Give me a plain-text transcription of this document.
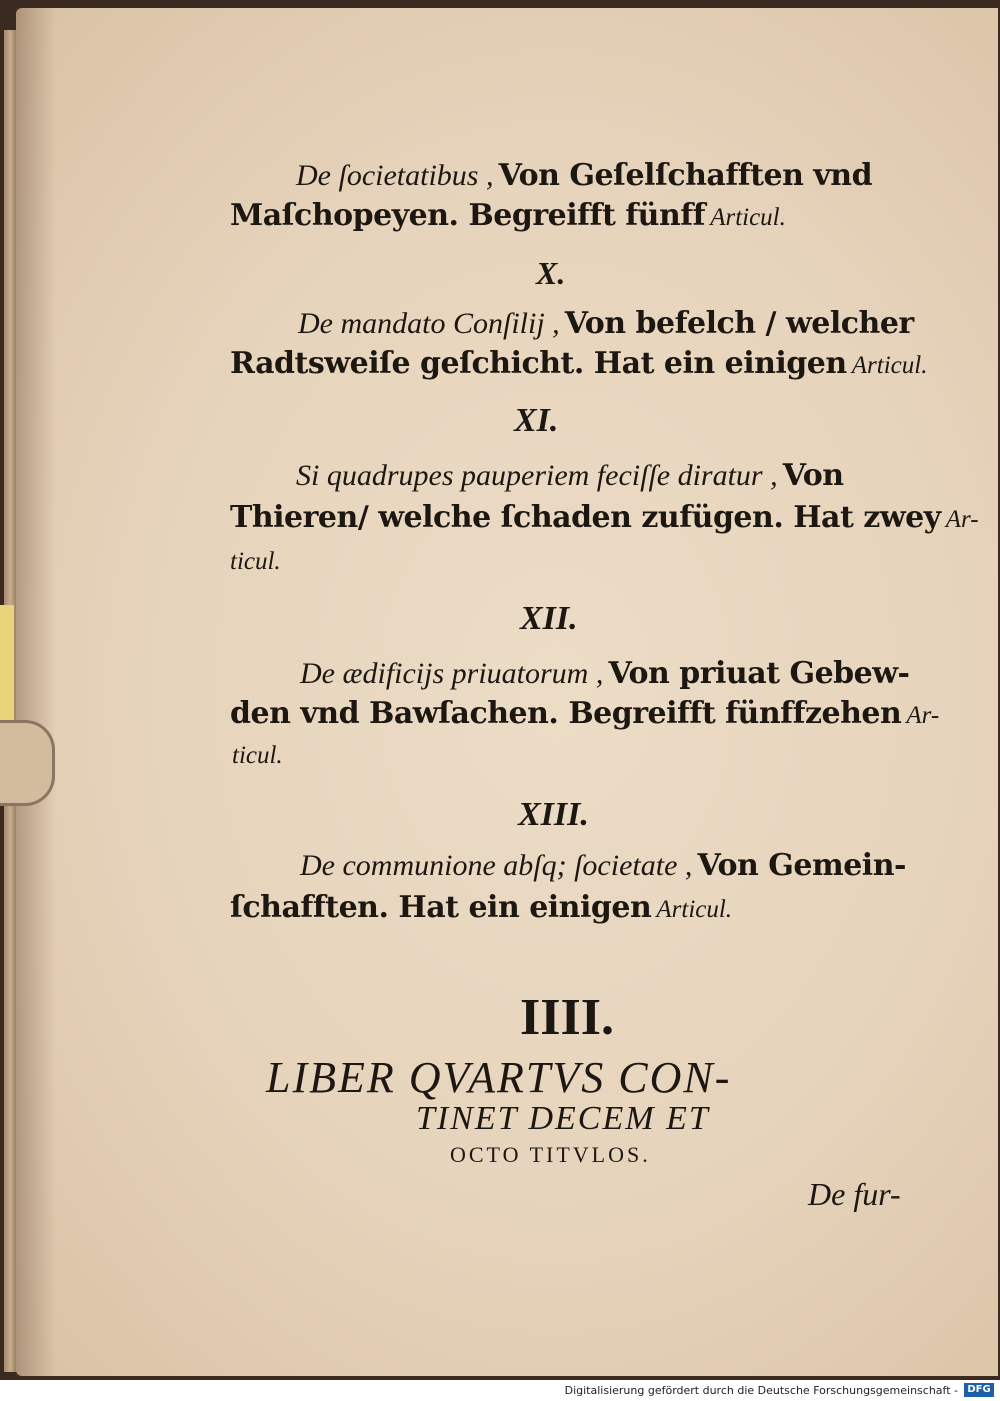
De ſocietatibus , Von Geſelſchafften vnd
Maſchopeyen. Begreifft fünff Articul.
X.
De mandato Conſilij , Von befelch / welcher
Radtsweiſe geſchicht. Hat ein einigen Articul.
XI.
Si quadrupes pauperiem feciſſe diratur , Von
Thieren/ welche ſchaden zufügen. Hat zwey Ar-
ticul.
XII.
De ædificijs priuatorum , Von priuat Gebew-
den vnd Bawſachen. Begreifft fünffzehen Ar-
ticul.
XIII.
De communione abſq; ſocietate , Von Gemein-
ſchafften. Hat ein einigen Articul.
IIII.
LIBER QVARTVS CON-
TINET DECEM ET
OCTO TITVLOS.
De fur-
Digitalisierung gefördert durch die Deutsche Forschungsgemeinschaft - DFG
